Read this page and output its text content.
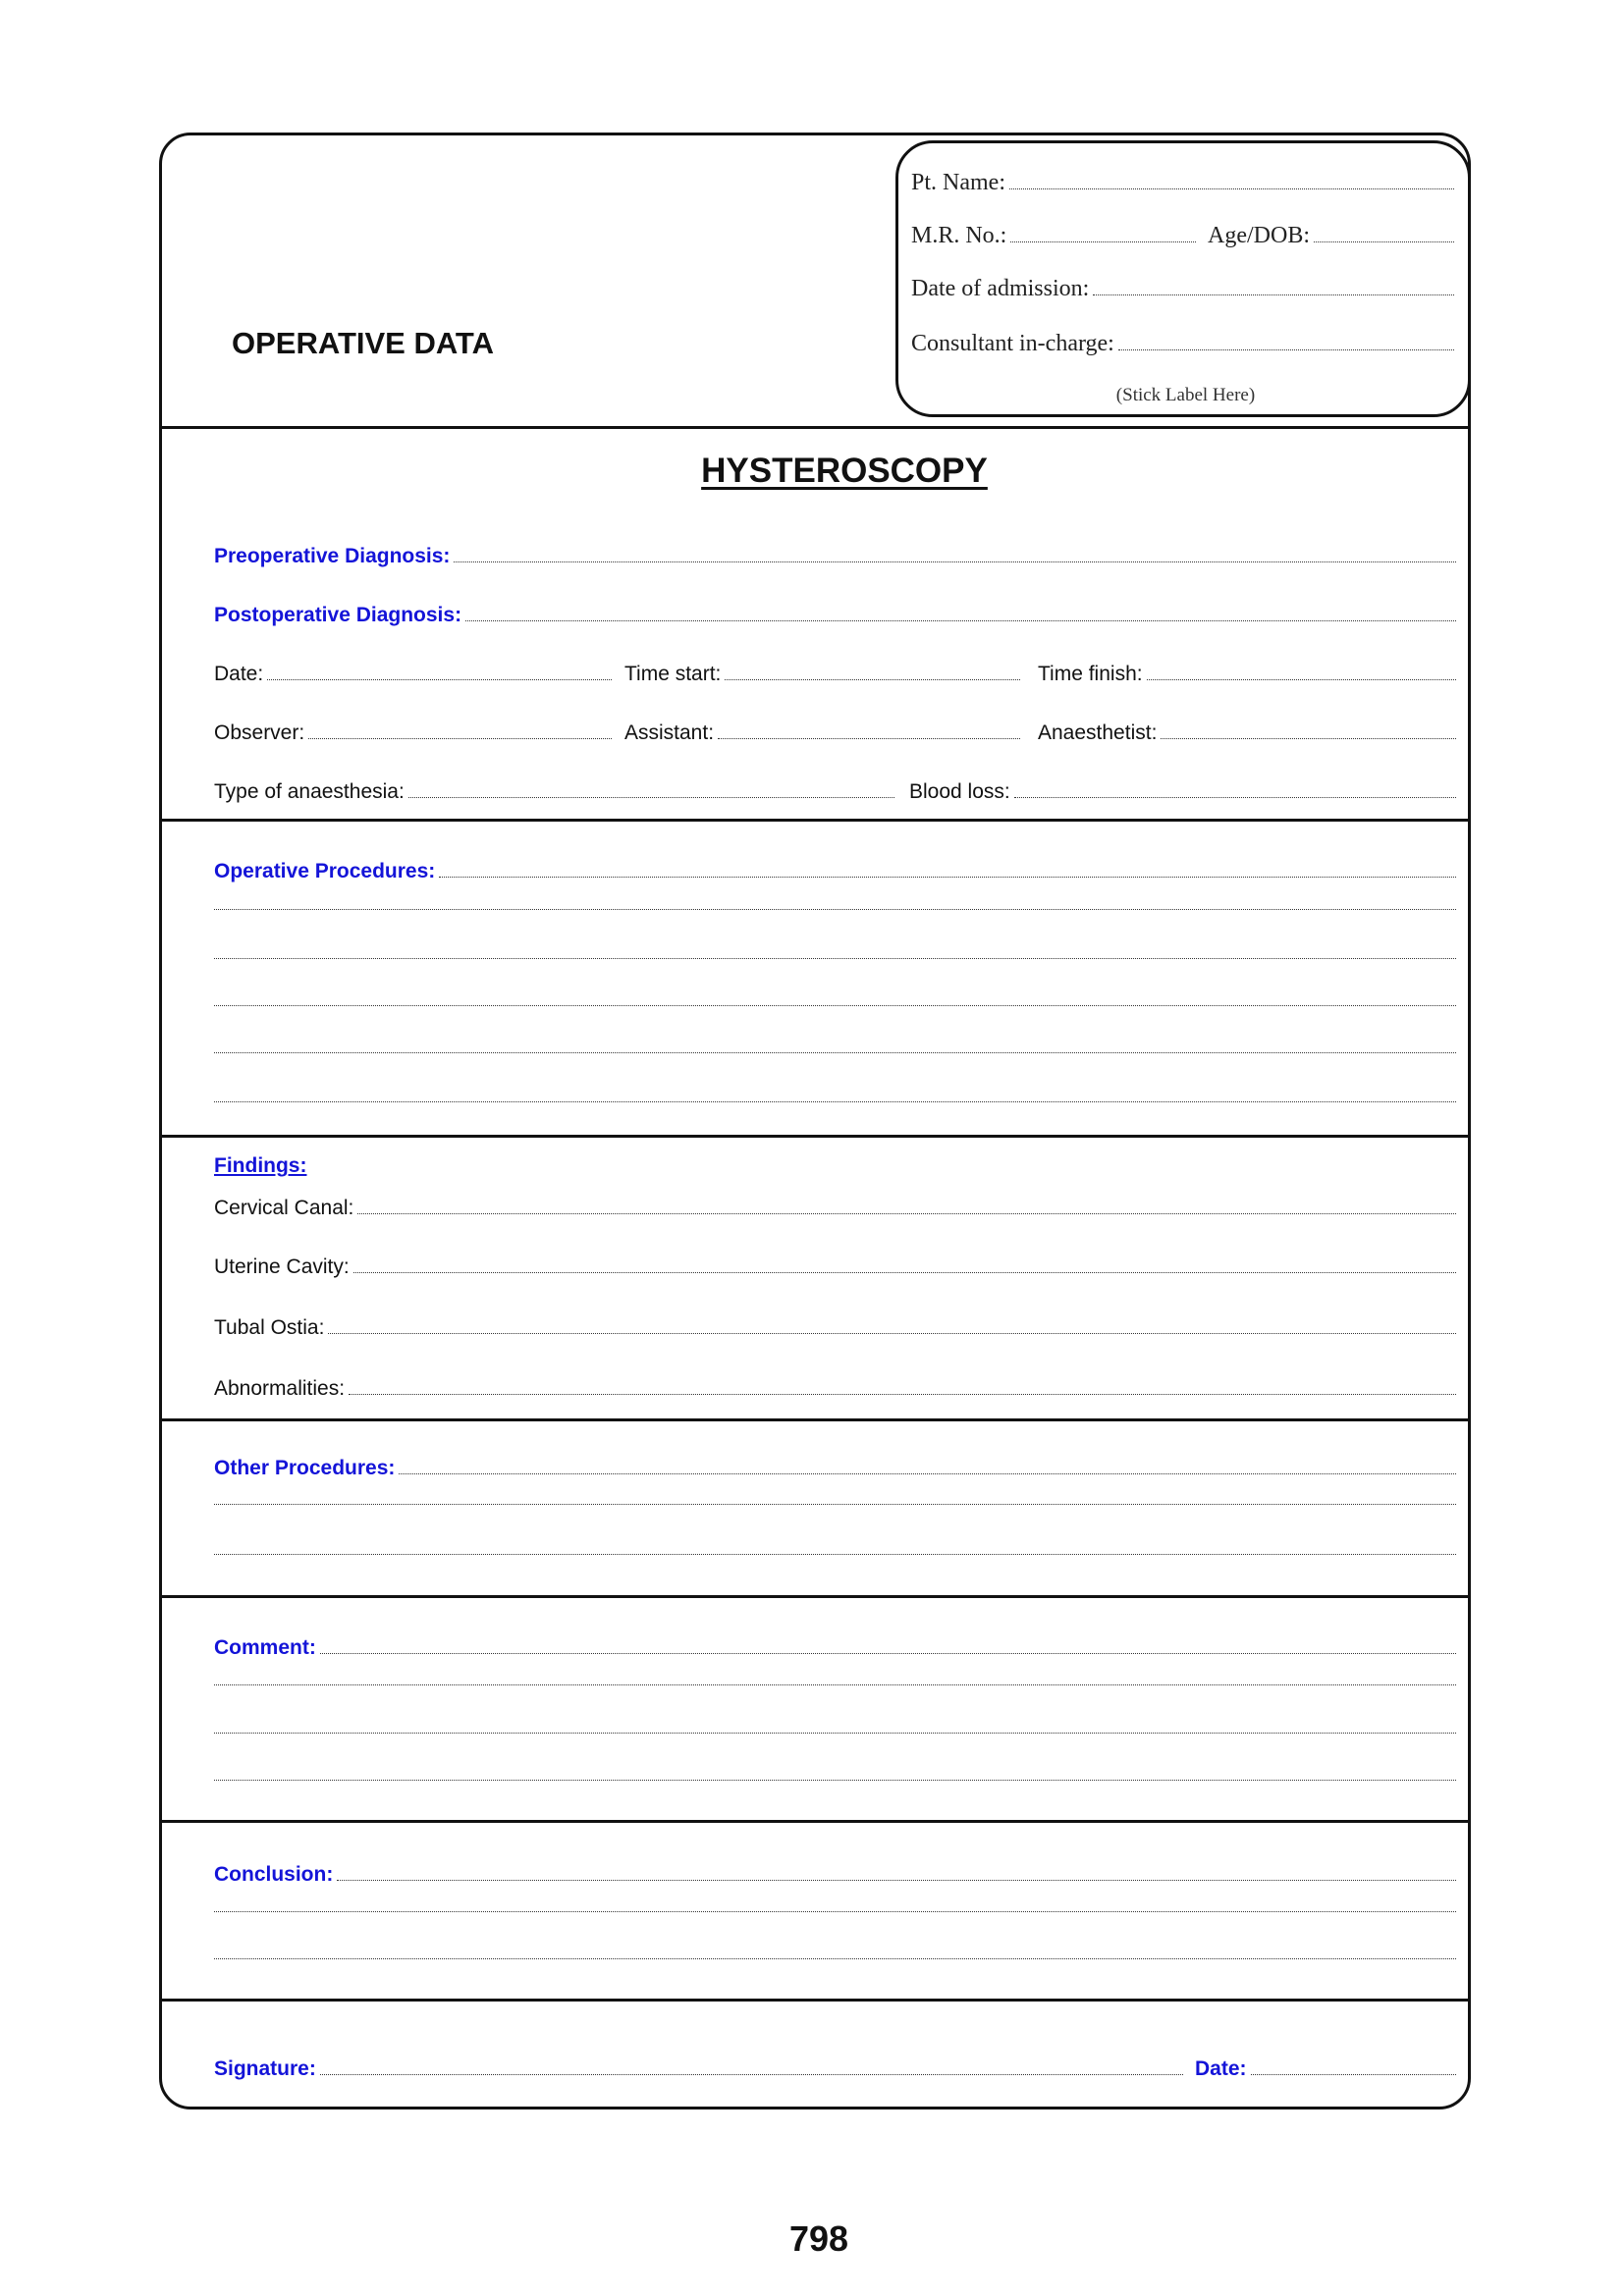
OPERATIVE DATA
Pt. Name:
M.R. No.:	Age/DOB:
Date of admission:
Consultant in-charge:
(Stick Label Here)
HYSTEROSCOPY
Preoperative Diagnosis:
Postoperative Diagnosis:
Date:	Time start:	Time finish:
Observer:	Assistant:	Anaesthetist:
Type of anaesthesia:	Blood loss:
Operative Procedures:
Findings:
Cervical Canal:
Uterine Cavity:
Tubal Ostia:
Abnormalities:
Other Procedures:
Comment:
Conclusion:
Signature:	Date:
798
